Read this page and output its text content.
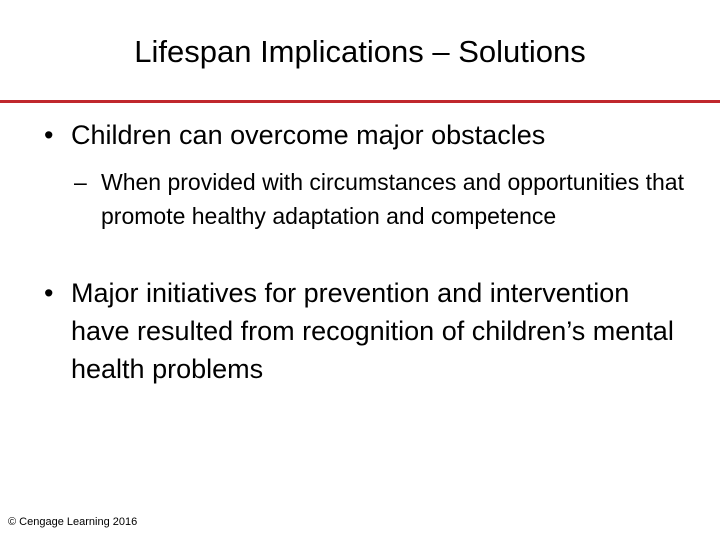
Lifespan Implications – Solutions
• Children can overcome major obstacles
– When provided with circumstances and opportunities that promote healthy adaptation and competence
• Major initiatives for prevention and intervention have resulted from recognition of children’s mental health problems
© Cengage Learning 2016
